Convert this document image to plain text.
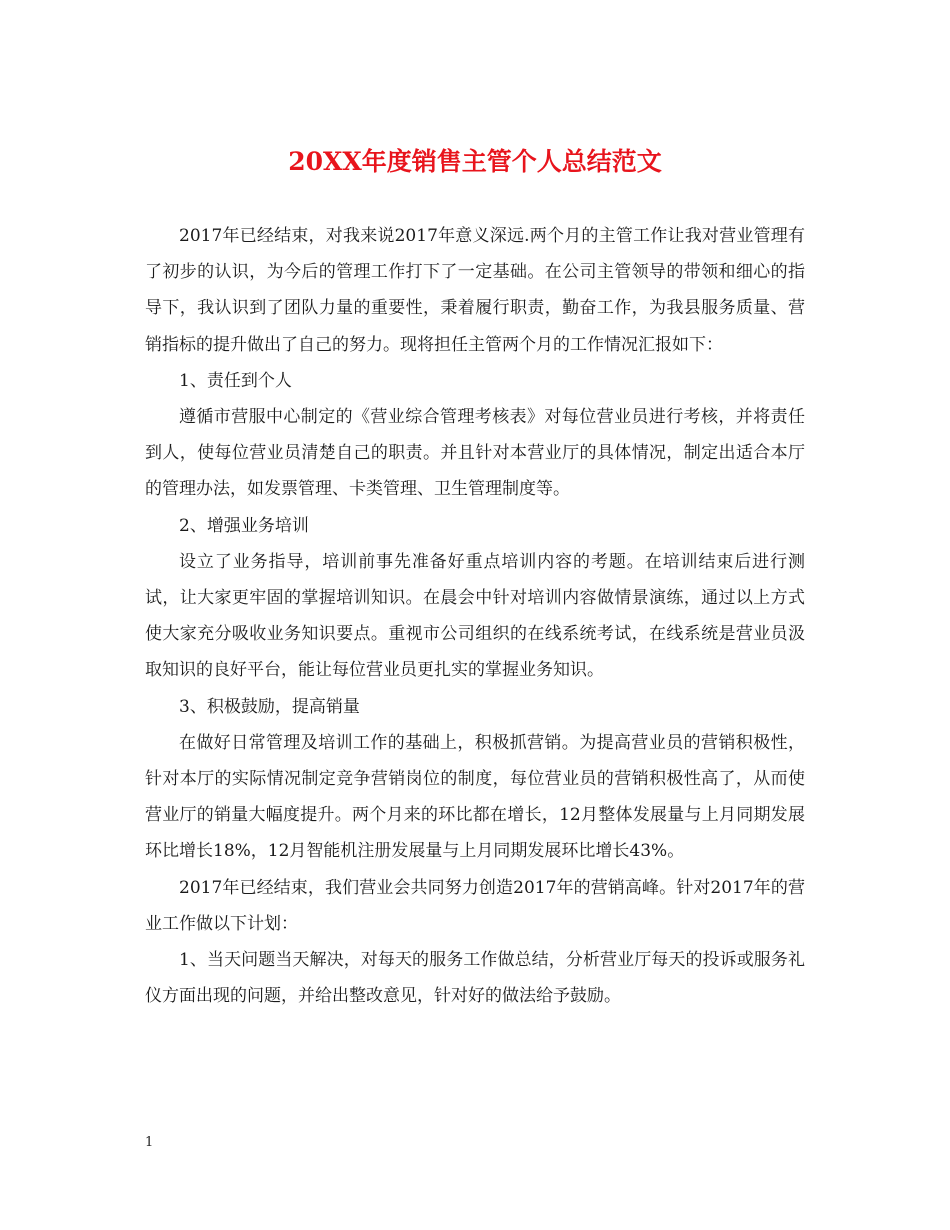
20XX年度销售主管个人总结范文

2017年已经结束，对我来说2017年意义深远.两个月的主管工作让我对营业管理有了初步的认识，为今后的管理工作打下了一定基础。在公司主管领导的带领和细心的指导下，我认识到了团队力量的重要性，秉着履行职责，勤奋工作，为我县服务质量、营销指标的提升做出了自己的努力。现将担任主管两个月的工作情况汇报如下：

1、责任到个人

遵循市营服中心制定的《营业综合管理考核表》对每位营业员进行考核，并将责任到人，使每位营业员清楚自己的职责。并且针对本营业厅的具体情况，制定出适合本厅的管理办法，如发票管理、卡类管理、卫生管理制度等。

2、增强业务培训

设立了业务指导，培训前事先准备好重点培训内容的考题。在培训结束后进行测试，让大家更牢固的掌握培训知识。在晨会中针对培训内容做情景演练，通过以上方式使大家充分吸收业务知识要点。重视市公司组织的在线系统考试，在线系统是营业员汲取知识的良好平台，能让每位营业员更扎实的掌握业务知识。

3、积极鼓励，提高销量

在做好日常管理及培训工作的基础上，积极抓营销。为提高营业员的营销积极性，针对本厅的实际情况制定竞争营销岗位的制度，每位营业员的营销积极性高了，从而使营业厅的销量大幅度提升。两个月来的环比都在增长，12月整体发展量与上月同期发展环比增长18%，12月智能机注册发展量与上月同期发展环比增长43%。

2017年已经结束，我们营业会共同努力创造2017年的营销高峰。针对2017年的营业工作做以下计划：

1、当天问题当天解决，对每天的服务工作做总结，分析营业厅每天的投诉或服务礼仪方面出现的问题，并给出整改意见，针对好的做法给予鼓励。

1
